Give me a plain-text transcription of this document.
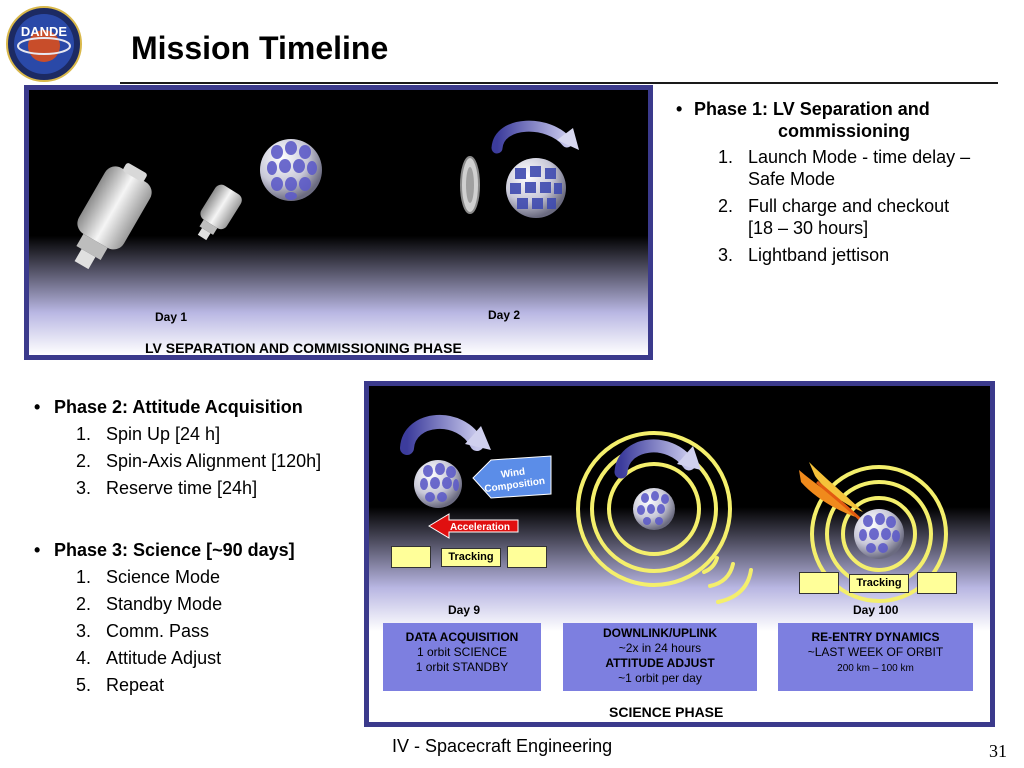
DANDE Mission Timeline
Day 1	Day 2
LV SEPARATION AND COMMISSIONING PHASE
• Phase 1: LV Separation and
commissioning
1. Launch Mode - time delay –
Safe Mode
2. Full charge and checkout
[18 – 30 hours]
3. Lightband jettison
• Phase 2: Attitude Acquisition
1. Spin Up [24 h]
2. Spin-Axis Alignment [120h]
3. Reserve time [24h]
• Phase 3: Science [~90 days]
1. Science Mode
2. Standby Mode
3. Comm. Pass
4. Attitude Adjust
5. Repeat
Wind Composition
Acceleration
Tracking
Tracking
Day 9	Day 100
DATA ACQUISITION
1 orbit SCIENCE
1 orbit STANDBY
DOWNLINK/UPLINK
~2x in 24 hours
ATTITUDE ADJUST
~1 orbit per day
RE-ENTRY DYNAMICS
~LAST WEEK OF ORBIT
200 km – 100 km
SCIENCE PHASE
IV - Spacecraft Engineering	31
